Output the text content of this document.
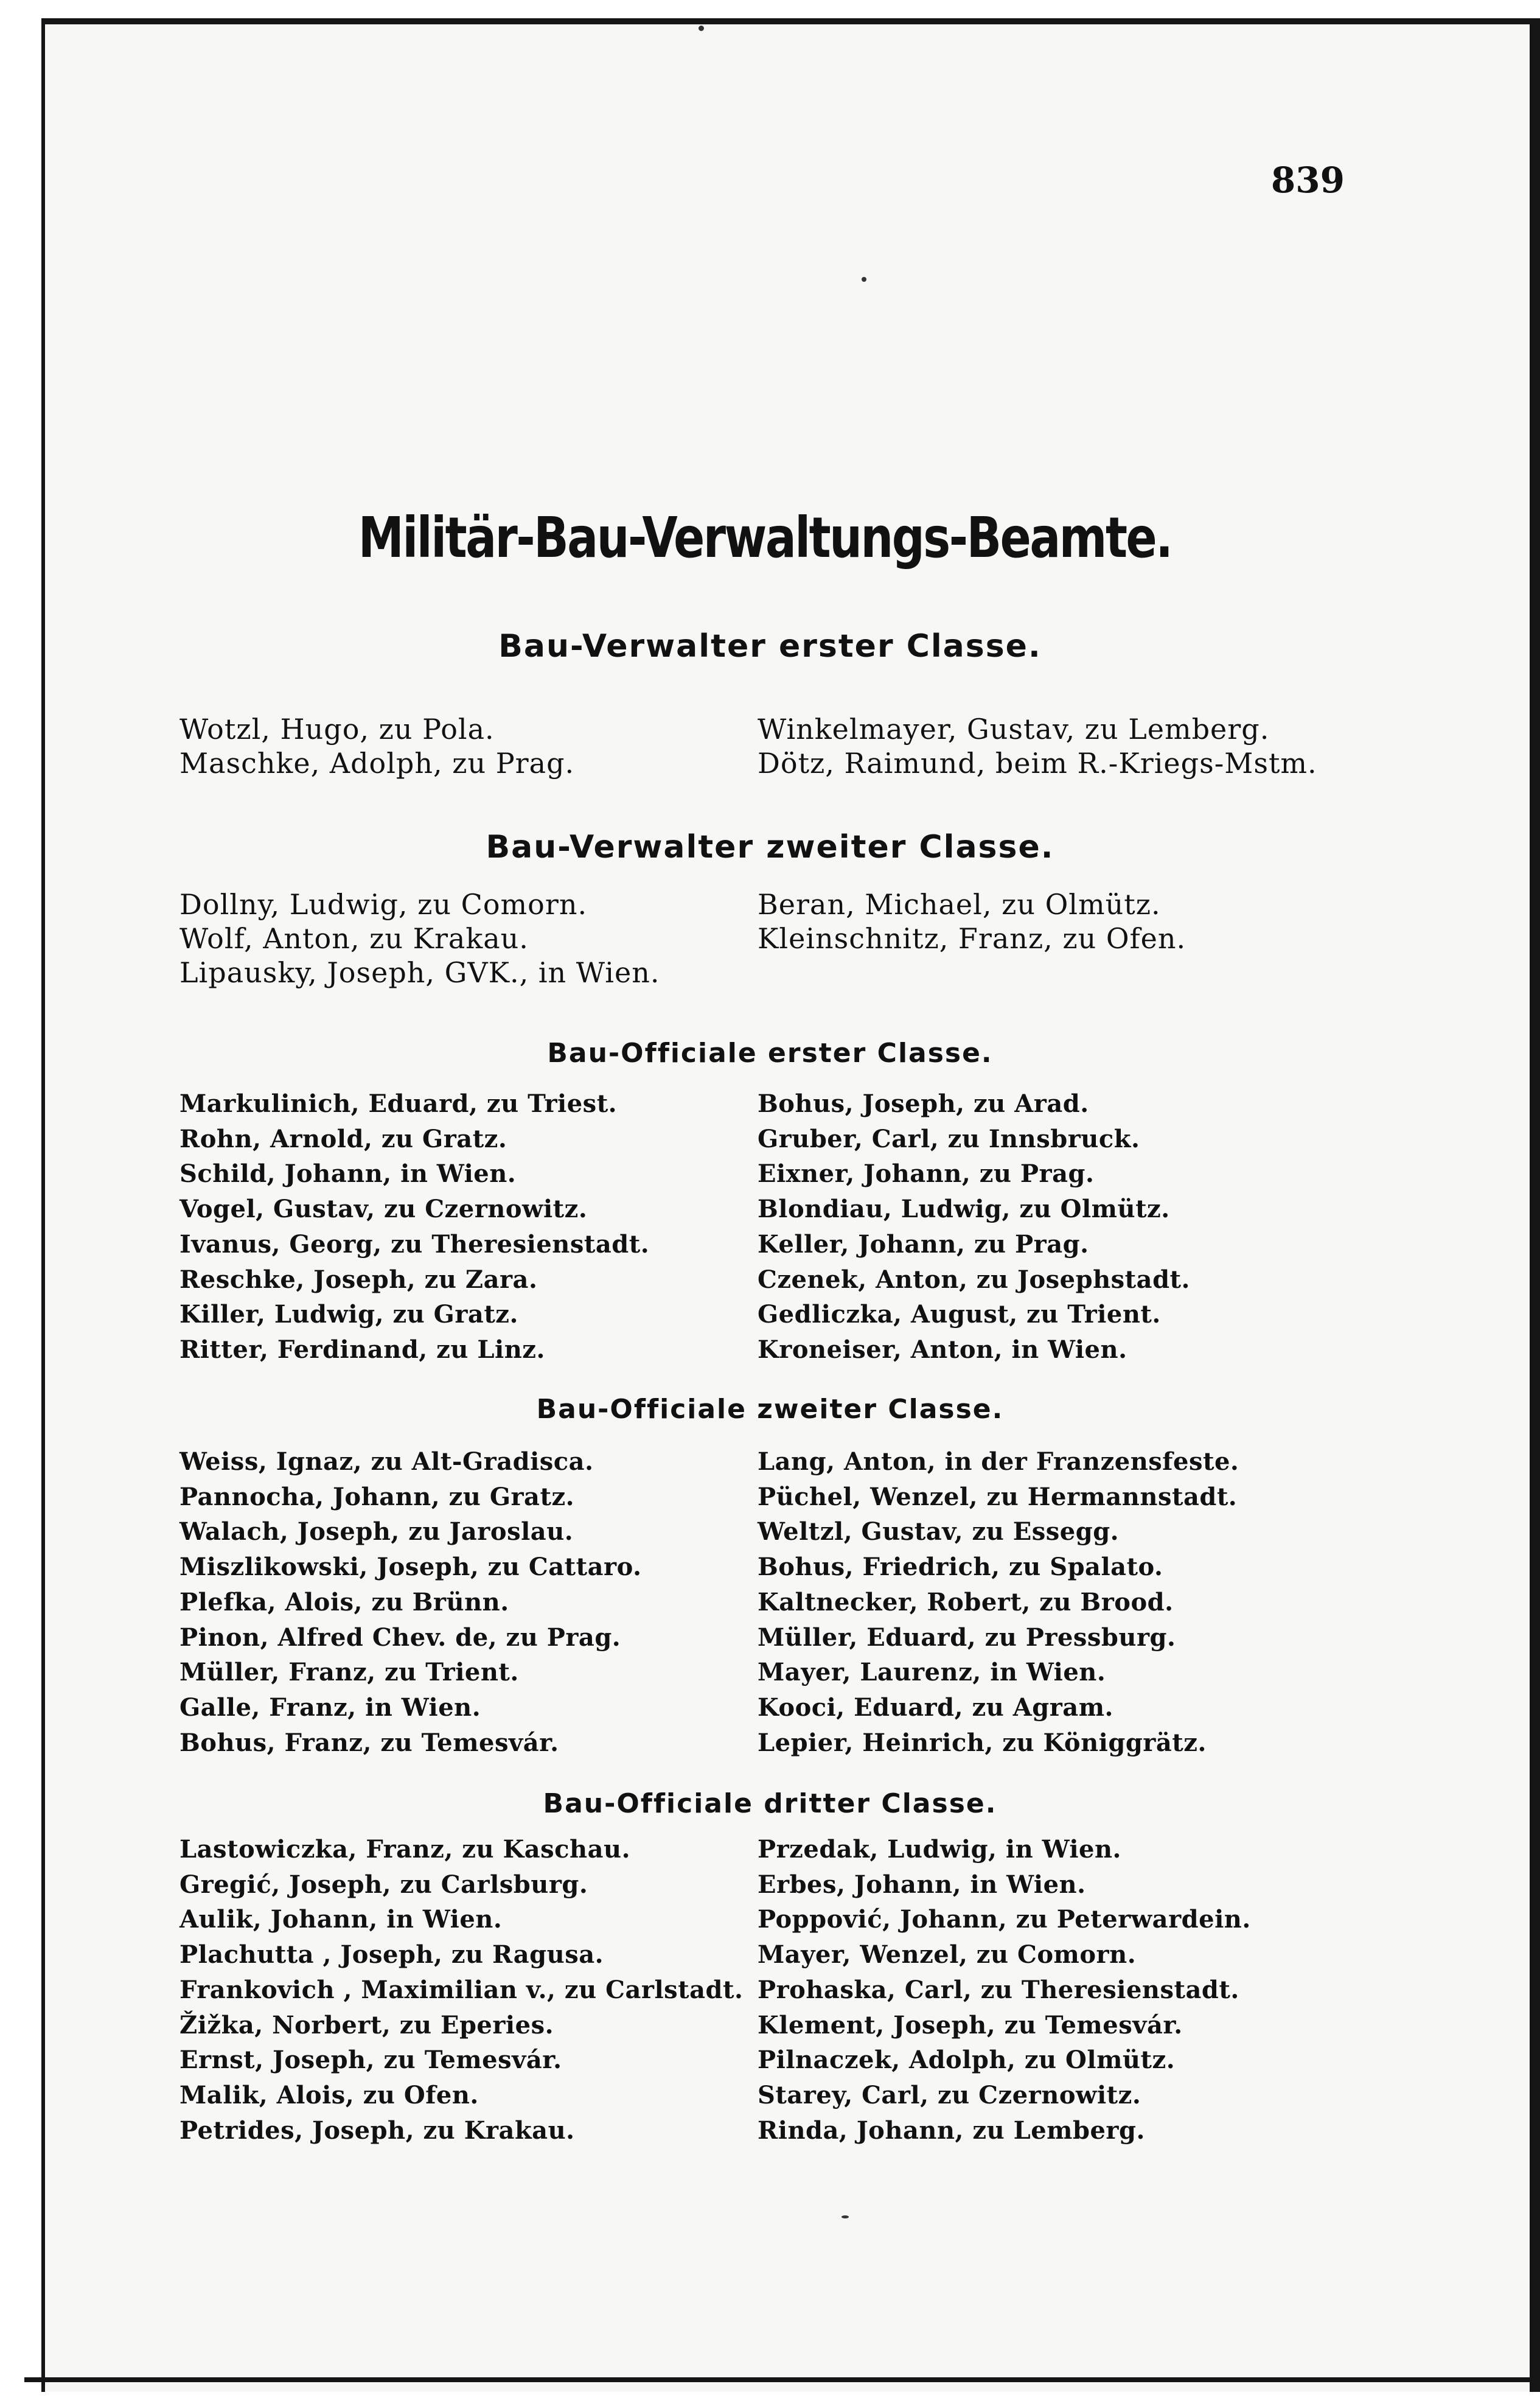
839

Militär-Bau-Verwaltungs-Beamte.
Bau-Verwalter erster Classe.
Wotzl, Hugo, zu Pola.
Maschke, Adolph, zu Prag.
Winkelmayer, Gustav, zu Lemberg.
Dötz, Raimund, beim R.-Kriegs-Mstm.
Bau-Verwalter zweiter Classe.
Dollny, Ludwig, zu Comorn.
Wolf, Anton, zu Krakau.
Lipausky, Joseph, GVK., in Wien.
Beran, Michael, zu Olmütz.
Kleinschnitz, Franz, zu Ofen.
Bau-Officiale erster Classe.
Markulinich, Eduard, zu Triest.
Rohn, Arnold, zu Gratz.
Schild, Johann, in Wien.
Vogel, Gustav, zu Czernowitz.
Ivanus, Georg, zu Theresienstadt.
Reschke, Joseph, zu Zara.
Killer, Ludwig, zu Gratz.
Ritter, Ferdinand, zu Linz.
Bohus, Joseph, zu Arad.
Gruber, Carl, zu Innsbruck.
Eixner, Johann, zu Prag.
Blondiau, Ludwig, zu Olmütz.
Keller, Johann, zu Prag.
Czenek, Anton, zu Josephstadt.
Gedliczka, August, zu Trient.
Kroneiser, Anton, in Wien.
Bau-Officiale zweiter Classe.
Weiss, Ignaz, zu Alt-Gradisca.
Pannocha, Johann, zu Gratz.
Walach, Joseph, zu Jaroslau.
Miszlikowski, Joseph, zu Cattaro.
Plefka, Alois, zu Brünn.
Pinon, Alfred Chev. de, zu Prag.
Müller, Franz, zu Trient.
Galle, Franz, in Wien.
Bohus, Franz, zu Temesvár.
Lang, Anton, in der Franzensfeste.
Püchel, Wenzel, zu Hermannstadt.
Weltzl, Gustav, zu Essegg.
Bohus, Friedrich, zu Spalato.
Kaltnecker, Robert, zu Brood.
Müller, Eduard, zu Pressburg.
Mayer, Laurenz, in Wien.
Kooci, Eduard, zu Agram.
Lepier, Heinrich, zu Königgrätz.
Bau-Officiale dritter Classe.
Lastowiczka, Franz, zu Kaschau.
Gregić, Joseph, zu Carlsburg.
Aulik, Johann, in Wien.
Plachutta , Joseph, zu Ragusa.
Frankovich , Maximilian v., zu Carlstadt.
Žižka, Norbert, zu Eperies.
Ernst, Joseph, zu Temesvár.
Malik, Alois, zu Ofen.
Petrides, Joseph, zu Krakau.
Przedak, Ludwig, in Wien.
Erbes, Johann, in Wien.
Poppović, Johann, zu Peterwardein.
Mayer, Wenzel, zu Comorn.
Prohaska, Carl, zu Theresienstadt.
Klement, Joseph, zu Temesvár.
Pilnaczek, Adolph, zu Olmütz.
Starey, Carl, zu Czernowitz.
Rinda, Johann, zu Lemberg.
